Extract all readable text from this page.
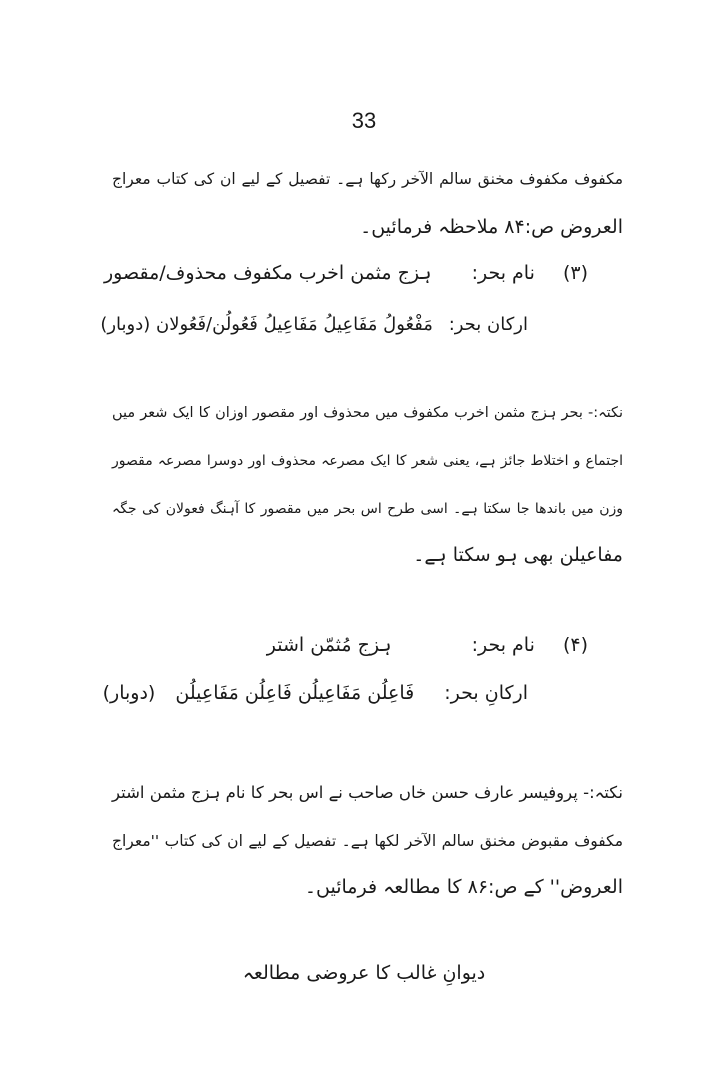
33
مکفوف مکفوف مخنق سالم الآخر رکھا ہے۔ تفصیل کے لیے ان کی کتاب معراج
العروض ص:۸۴ ملاحظہ فرمائیں۔
(۳) نام بحر: ہزج مثمن اخرب مکفوف محذوف/مقصور
ارکان بحر: مَفْعُولُ مَفَاعِیلُ مَفَاعِیلُ فَعُولُن/فَعُولان (دوبار)
نکتہ:- بحر ہزج مثمن اخرب مکفوف میں محذوف اور مقصور اوزان کا ایک شعر میں
اجتماع و اختلاط جائز ہے، یعنی شعر کا ایک مصرعہ محذوف اور دوسرا مصرعہ مقصور
وزن میں باندھا جا سکتا ہے۔ اسی طرح اس بحر میں مقصور کا آہنگ فعولان کی جگہ
مفاعیلن بھی ہو سکتا ہے۔
(۴) نام بحر: ہزج مُثمّن اشتر
ارکانِ بحر: فَاعِلُن مَفَاعِیلُن فَاعِلُن مَفَاعِیلُن (دوبار)
نکتہ:- پروفیسر عارف حسن خاں صاحب نے اس بحر کا نام ہزج مثمن اشتر
مکفوف مقبوض مخنق سالم الآخر لکھا ہے۔ تفصیل کے لیے ان کی کتاب ''معراج
العروض'' کے ص:۸۶ کا مطالعہ فرمائیں۔
دیوانِ غالب کا عروضی مطالعہ
